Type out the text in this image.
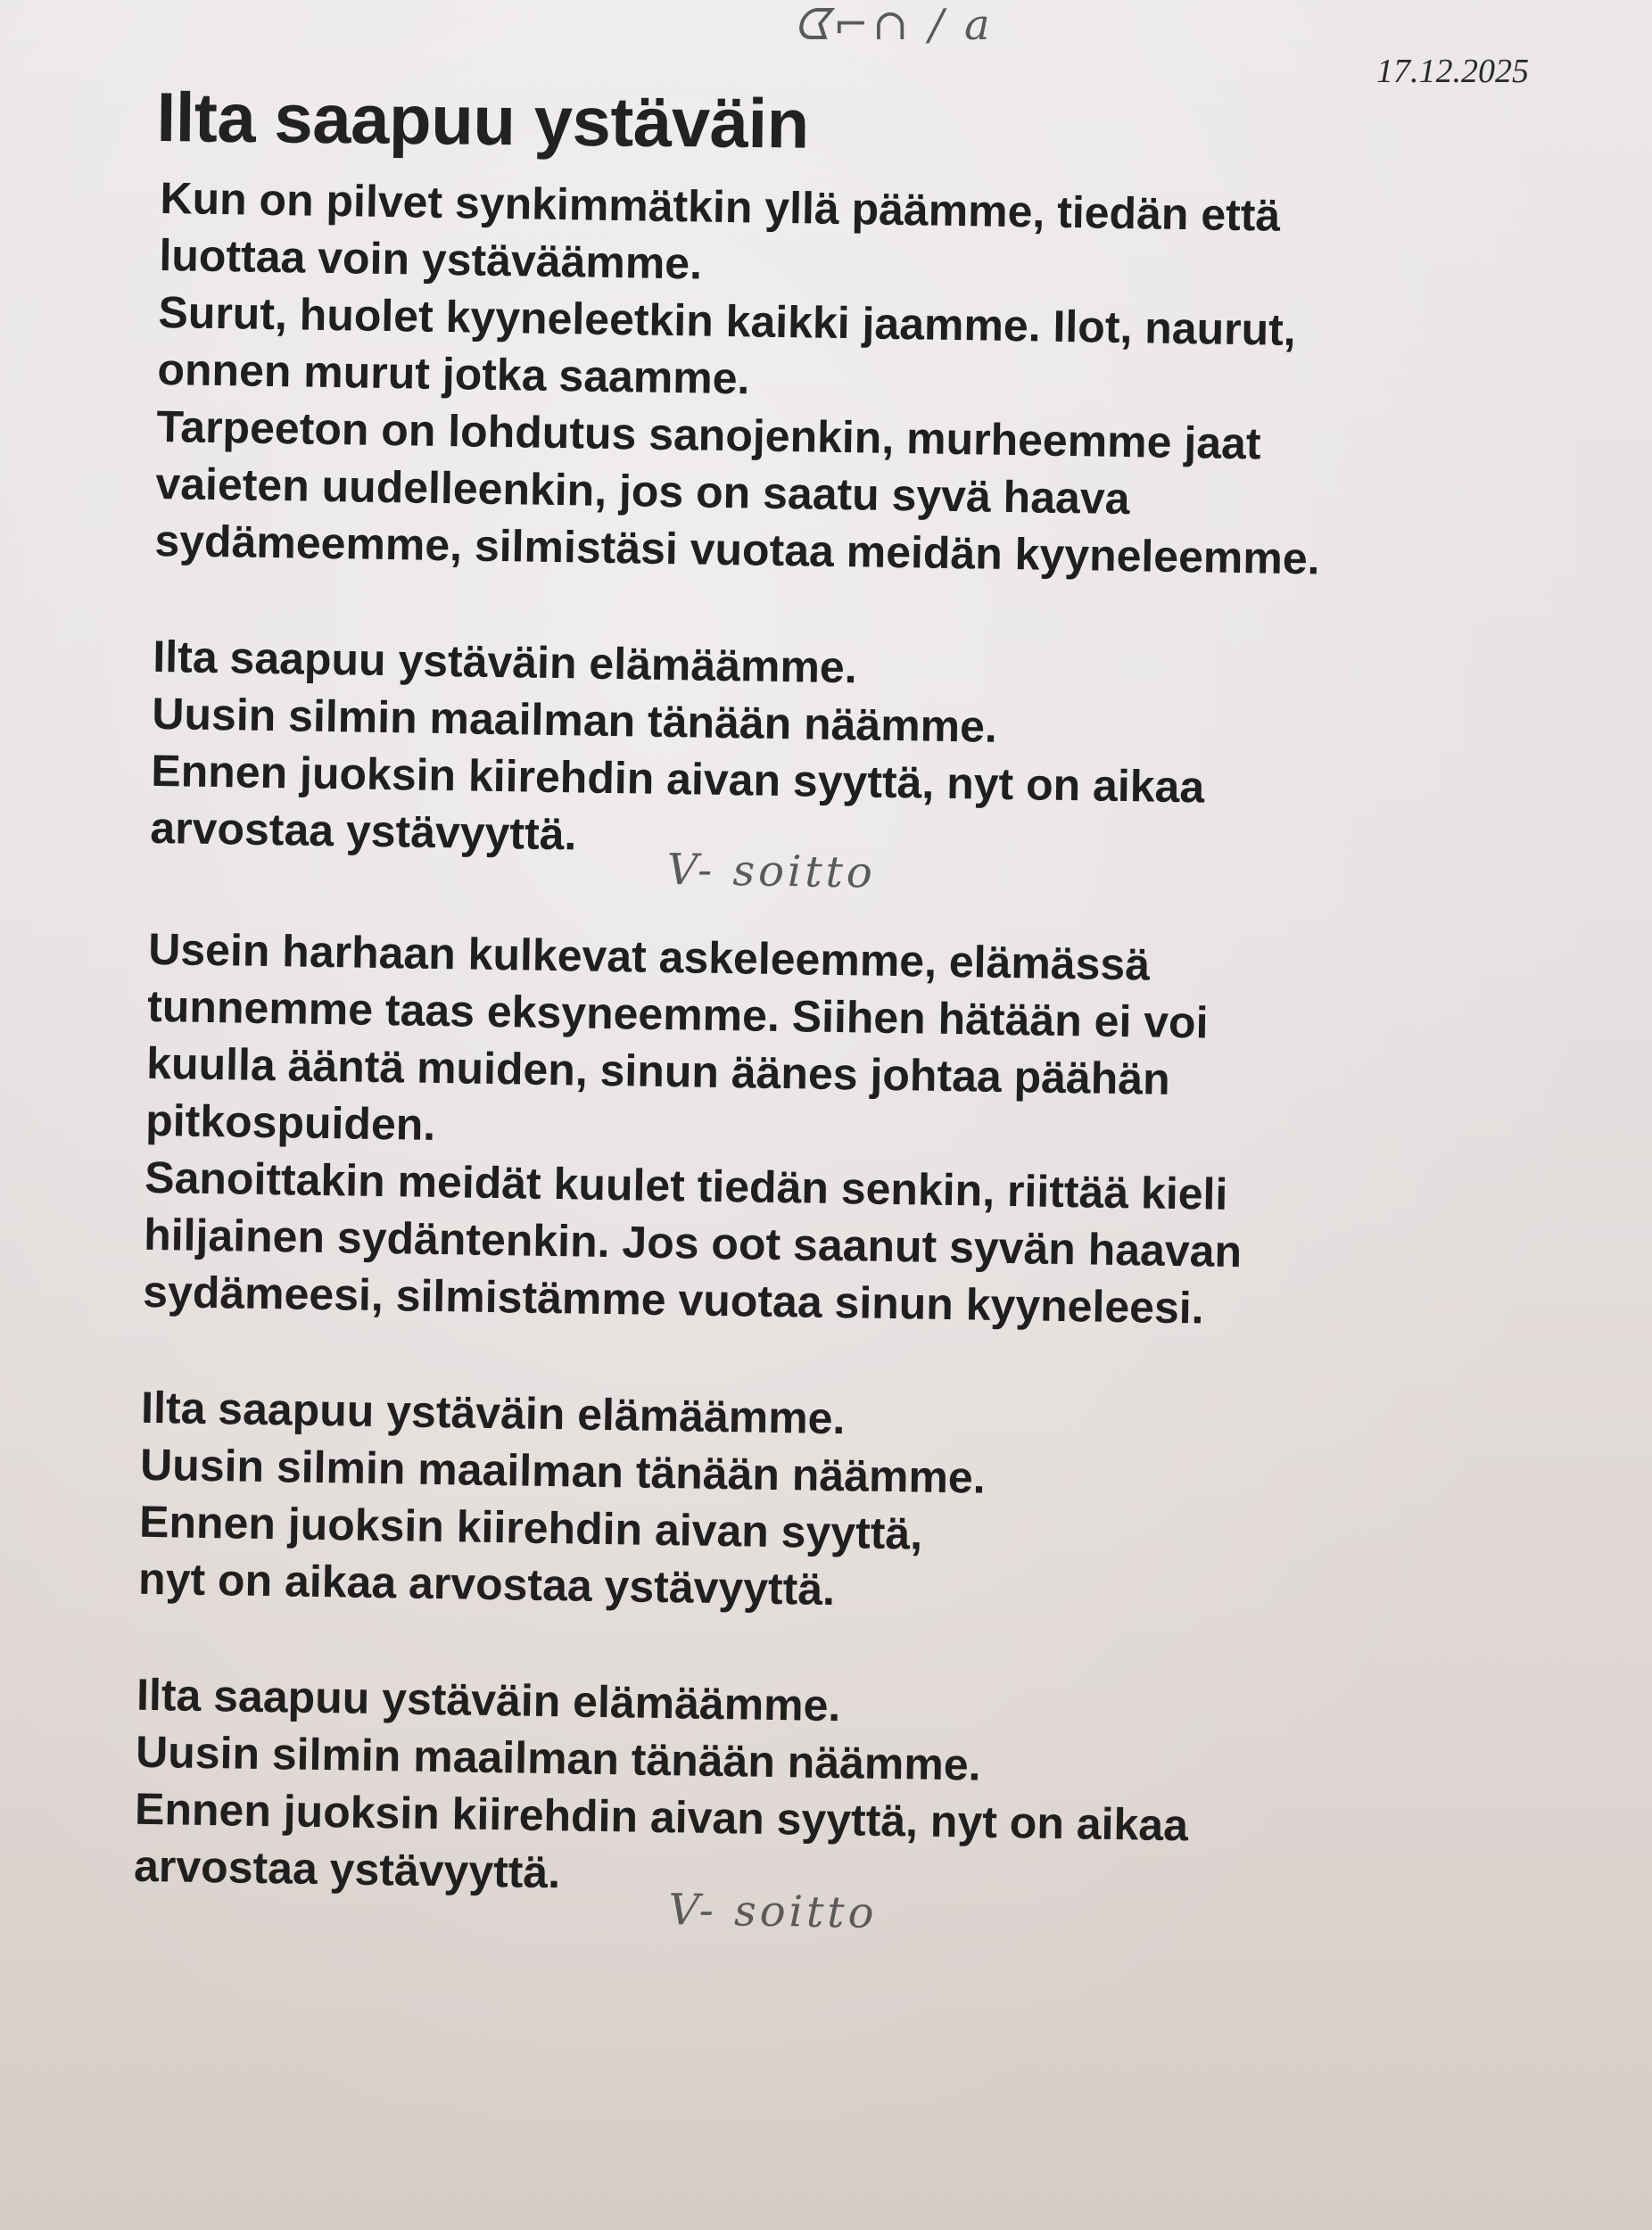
ᗧ⌐∩ / a

17.12.2025

Ilta saapuu ystäväin
Kun on pilvet synkimmätkin yllä päämme, tiedän että
luottaa voin ystäväämme.
Surut, huolet kyyneleetkin kaikki jaamme. Ilot, naurut,
onnen murut jotka saamme.
Tarpeeton on lohdutus sanojenkin, murheemme jaat
vaieten uudelleenkin, jos on saatu syvä haava
sydämeemme, silmistäsi vuotaa meidän kyyneleemme.
Ilta saapuu ystäväin elämäämme.
Uusin silmin maailman tänään näämme.
Ennen juoksin kiirehdin aivan syyttä, nyt on aikaa
arvostaa ystävyyttä.
V- soitto
Usein harhaan kulkevat askeleemme, elämässä
tunnemme taas eksyneemme. Siihen hätään ei voi
kuulla ääntä muiden, sinun äänes johtaa päähän
pitkospuiden.
Sanoittakin meidät kuulet tiedän senkin, riittää kieli
hiljainen sydäntenkin. Jos oot saanut syvän haavan
sydämeesi, silmistämme vuotaa sinun kyyneleesi.
Ilta saapuu ystäväin elämäämme.
Uusin silmin maailman tänään näämme.
Ennen juoksin kiirehdin aivan syyttä,
nyt on aikaa arvostaa ystävyyttä.
Ilta saapuu ystäväin elämäämme.
Uusin silmin maailman tänään näämme.
Ennen juoksin kiirehdin aivan syyttä, nyt on aikaa
arvostaa ystävyyttä.
V- soitto
